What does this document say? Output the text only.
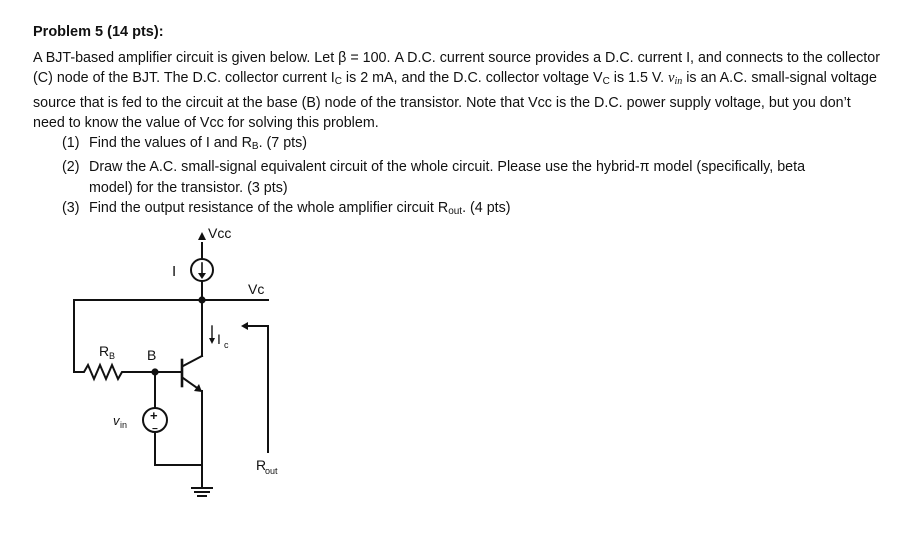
Problem 5 (14 pts):

A BJT-based amplifier circuit is given below. Let β = 100. A D.C. current source provides a D.C. current I, and connects to the collector (C) node of the BJT. The D.C. collector current $I_C$ is 2 mA, and the D.C. collector voltage $V_C$ is 1.5 V. $v_{in}$ is an A.C. small-signal voltage source that is fed to the circuit at the base (B) node of the transistor. Note that Vcc is the D.C. power supply voltage, but you don’t need to know the value of Vcc for solving this problem.

(1) Find the values of I and $R_B$. (7 pts)
(2) Draw the A.C. small-signal equivalent circuit of the whole circuit. Please use the hybrid-π model (specifically, beta model) for the transistor. (3 pts)
(3) Find the output resistance of the whole amplifier circuit $R_{out}$. (4 pts)
Vcc
I
Vc
I c
R B B
v in
+
−
R
out
